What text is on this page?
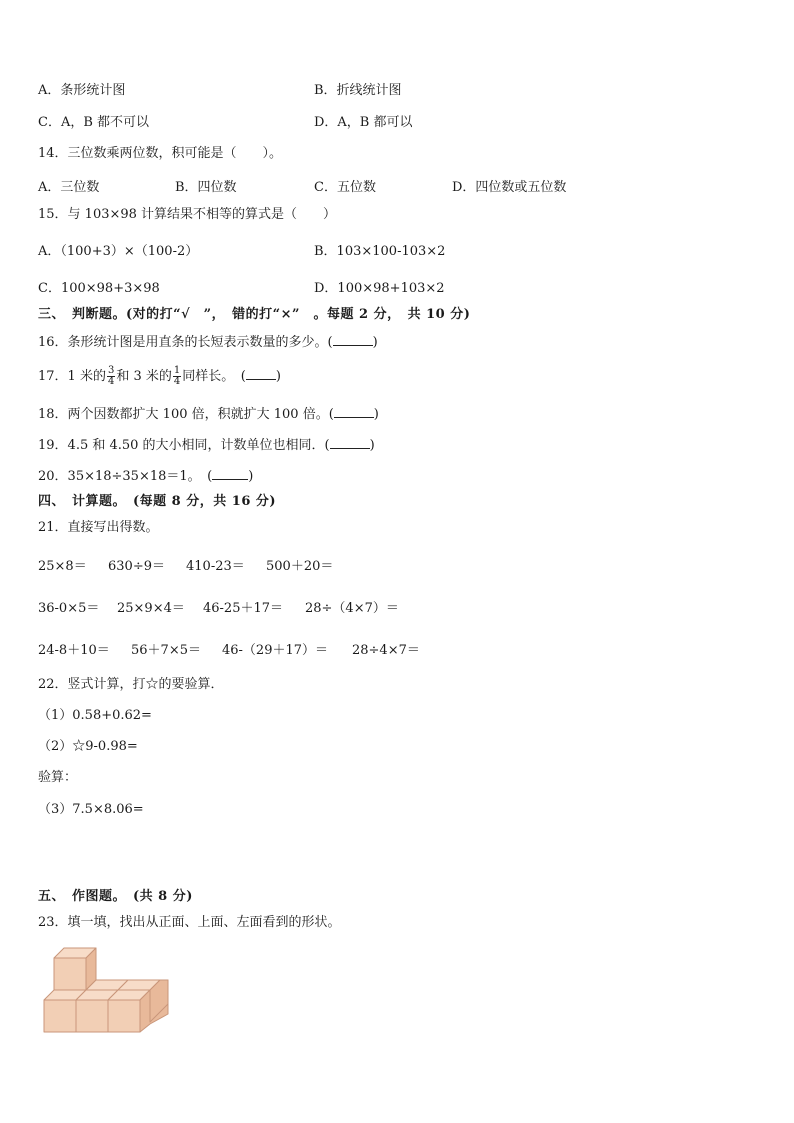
A．条形统计图	B．折线统计图
C．A，B 都不可以	D．A，B 都可以
14．三位数乘两位数，积可能是（　　）。
A．三位数	B．四位数	C．五位数	D．四位数或五位数
15．与 103×98 计算结果不相等的算式是（　　）
A．（100+3）×（100-2）	B．103×100-103×2
C．100×98+3×98	D．100×98+103×2
三、　判断题。(对的打“√　”，　错的打“×”　。每题 2 分，　共 10 分)
16．条形统计图是用直条的长短表示数量的多少。(	)
17．1 米的 $\frac{3}{4}$ 和 3 米的 $\frac{1}{4}$ 同样长。　( )
18．两个因数都扩大 100 倍，积就扩大 100 倍。(	)
19．4.5 和 4.50 的大小相同，计数单位也相同．(	)
20．35×18÷35×18＝1。　(	)
四、　计算题。　(每题 8 分，共 16 分)
21．直接写出得数。
25×8＝ 630÷9＝ 410-23＝ 500＋20＝
36-0×5＝ 25×9×4＝ 46-25＋17＝ 28÷（4×7）＝
24-8＋10＝ 56＋7×5＝ 46-（29＋17）＝ 28÷4×7＝
22．竖式计算，打☆的要验算．
（1）0.58+0.62=
（2）☆9-0.98=
验算：
（3）7.5×8.06=
五、　作图题。　(共 8 分)
23．填一填，找出从正面、上面、左面看到的形状。
